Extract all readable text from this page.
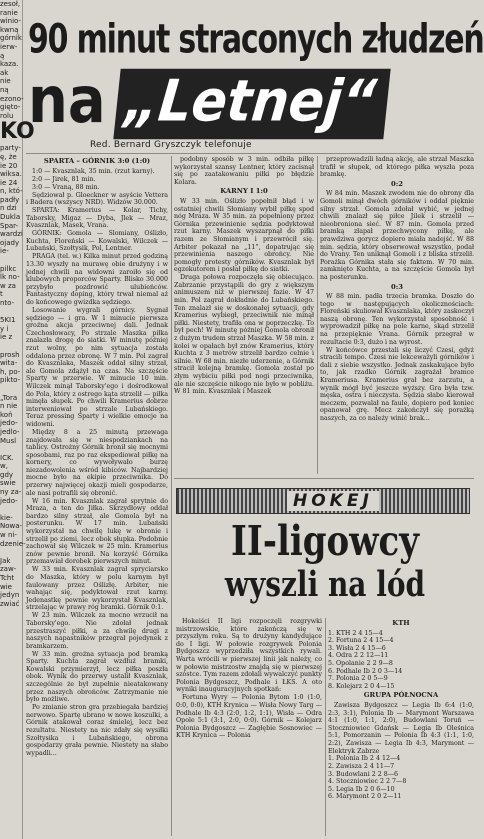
zesoł,
ranie
winio-
kwną
górnik
ierw-
ą
kaza.
ak
nie
ną
ezono-
gięto-
rolu
KO
party-
ę, że
ie 20
wiksa.
ie 24
n, któ-
padły
n dzi
Dukla
Spar-
wardzi
ojady
ie-

pilkc
lk no-
w za
t
nto-

5KI1
y i
ie z

prosh
wita-
h, po-
pikto-

„Tora
n nie
koń
jedo-
jedlo-
Musl

ICK.
w,
gdy
swie
ny za-
jedo-

kie-
Nowa-
w ni-
dzenie-

Jak
zaw-
Tcht
wie
jedyn
zwiać
90 minut straconych złudzeń
na „Letnej“
Red. Bernard Gryszczyk telefonuje

SPARTA – GÓRNIK 3:0 (1:0)

1:0 — Kvasznlak, 35 min. (rzut karny).

2:0 — Jirek, 81 min.

3:0 — Vraną, 88 min.

Sędziował p. Gloeckner w asyście Vettera i Badera (wszyscy NRD). Widzów 30.000.

SPARTA: Kramerius — Kolar, Tichy, Taborsky, Migaz — Dyba, Jlek — Mraz, Kvasznlak, Masek, Vrana.

GÓRNIK: Gomola — Slomiany, Oślizło, Kuchta, Floreński — Kowalski, Wilczek — Lubański, Szołtysik, Pol, Lentner.

PRAGA (tel. w.) Kilka minut przed godziną 13.30 wyszły na murawę obie drużyny i w jednej chwili na widowni zaroiło się od klubowych proporców Sparty. Blisko 30.000 przybyło pozdrowić ulubieńców. Fantastyczny doping, który trwał niemal aż do końcowego gwizdka sędziego.

Losowanie wygrali górnicy. Sygnał sędziego — i gra. W 1 minucie pierwsza groźna akcja przeciwnej dali. Jednak Czechosłowacy, Po strzale Maszka piłka znalazła drogę do siatki. W minutę później rzut wolny, po nim sytuacja została oddalona przez obronę. W 7 min. Pol zagrał do Kvasznlaka, Maszek oddał silny strzał, ale Gomola zdążył na czas. Na szczęście Sparty w przerwie. W minucie 10 min. Wilczek minął Taborsky'ego i dośrodkował do Polа, który z ostrego kąta strzelił — piłka minęła słupek. Po chwili Kramerius dobrze interweniował po strzale Lubańskiego. Teraz pressing Sparty i wielkie emocje na widowni.

Między 8 a 25 minutą przewaga znajdowała się w niespodziankach na tablicy. Ostrożny Górnik bronił się mocnymi sposobami, raz po raz ekspediował piłkę na kornery, co wywoływało burzę niezadowolenia wśród kibiców. Najbardziej mocne było na ekipie przeciwnika. Do przerwy najwięcej okazji mieli gospodarze, ale nasi potrafili się obronić.

W 16 min. Kvasznlak zagrał sprytnie do Mraza, a ten do Jiłka. Skrzydłowy oddał bardzo silny strzał, ale Gomola był na posterunku. W 17 min. Lubański wykorzystał na chwilę lukę w obronie i strzelił po ziemi, lecz obok słupka. Podobnie zachował się Wilczek w 25 min. Kramerius znów pewnie bronił. Na korzyść Górnika przemawiał dorobek pierwszych minut.

W 33 min. Kvasznlak zagrał spryciarsko do Maszka, który w polu karnym był faulowany przez Oślizłę. Arbiter, nie wahając się, podyktował rzut karny. Jedenastkę pewnie wykorzystał Kvasznlak, strzelając w prawy róg bramki. Górnik 0:1.

W 23 min. Wilczek za mocno wrzucił na Taborsky'ego. Nie zdołał jednak przestraszyć piłki, a za chwilę drugi z naszych napastników przegrał pojedynek z bramkarzem.

W 33 min. groźna sytuacja pod bramką Sparty. Kuchta zagrał wzdłuż bramki, Kowalski przymierzył, lecz piłka poszła obok. Wynik do przerwy ustalił Kvasznlak, szczególnie że był zupełnie nieatakowany przez naszych obrońców. Zatrzymanie nie było możliwe.

Po zmianie stron gra przebiegała bardziej nerwowo. Spartę ubrano w nowe koszulki, a Górnik atakował coraz śmielej, lecz bez rezultatu. Niestety na nic zdały się wysiłki Szołtysika i Lubańskiego, obrona gospodarzy grała pewnie. Niestety na słabo wypadli...

podobny sposób w 3 min. odbiła piłkę wykorzystał szansy Lentner, który zacisnął się po zaatakowaniu piłki po błędzie Kolara.

KARNY I 1:0

W 33 min. Oślizło popełnił błąd i w ostatniej chwili Słomiany wybił piłkę spod nóg Mraza. W 35 min. za popełniony przez Górnika przewinienie sędzia podyktował rzut karny. Maszek wyszarpnął do piłki razem ze Słomianym i przewrócił się. Arbiter pokazał na „11”, dopatrując się przewinienia naszego obrońcy. Nie pomogły protesty górników. Kvasznlak był egzekutorem i posłał piłkę do siatki.

Druga połowa rozpoczęła się obiecująco. Zabrzanie przystąpili do gry z większym animuszem niż w pierwszej fazie. W 47 min. Pol zagrał dokładnie do Lubańskiego. Ten znalazł się w doskonałej sytuacji, gdy Kramerius wybiegł, przeciwnik nie minął piłki. Niestety, trafiła ona w poprzeczkę. To był pech! W minutę później Gomola obronił z dużym trudem strzał Maszka. W 58 min. z kolei w opałach był znów Kramerius, który Kuchta z 3 metrów strzelił bardzo celnie i silnie. W 68 min. niezłe uderzenie, a Górnik stracił kolejną bramkę. Gomola został po złym wybiciu piłki pod nogi przeciwnika, ale nie szczęście nikogo nie było w pobliżu. W 81 min. Kvasznlak i Maszek

przeprowadzili ładną akcję, ale strzał Maszka trafił w słupek, od którego piłka wyszła poza bramkę.

0:2

W 84 min. Maszek zwodem nie do obrony dla Gomoli minął dwóch górników i oddał pięknie silny strzał. Gomola zdołał wybić, w jednej chwili znalazł się piłce Jilek i strzelił — nieobroniona sieć. W 87 min. Gomola przed bramką złapał przechwycony piłkę, ale prawdziwa gorycz dopiero miała nadejść. W 88 min. sędzia, który obserwował wszystko, podał do Vrany. Ten uniknął Gomoli i z bliska strzelił. Porażka Górnika stała się faktem. W 70 min. zamknięto Kuchta, a na szczęście Gomola był na posterunku.

0:3

W 88 min. padła trzecia bramka. Doszło do tego w następujących okolicznościach: Floreński skuliował Kvasznlaka, który zaskoczył naszą obronę. Ten wykorzystał sposobność i wyprowadził piłkę na pole karne, skąd strzelił na przepięknie Vrana. Górnik przegrał w rezultacie 0:3, dużo i na wyrost.

W końcówce przestali się liczyć Czesi, gdyż stracili tempo. Czesi nie lekceważyli górników i dali z siebie wszystko. Jednak zaskakujące było to, jak rzadko Górnik zagrażał bramce Krameriusa. Kramerius grał bez zarzutu, a wynik mógł być jeszcze wyższy. Gra była tzw. męska, ostra i nieczysta. Sędzia słabo kierował meczem, pozwalał na faule, dopiero pod koniec opanował grę. Mecz zakończył się porażką naszych, za co należy winić brak...

HOKEJ
II-ligowcy
wyszli na lód

Hokeiści II ligi rozpoczęli rozgrywki mistrzowskie, które zakończą się w przyszłym roku. Są to drużyny kandydujące do I ligi. W połowie rozgrywek Polonia Bydgoszcz wyprzedziła wszystkich rywali. Warta wrócili w pierwszej linii jak należy, co w połowie mistrzostw znajdą się w pierwszej szóstce. Tym razem zdołali wywalczyć punkty Polonia Bydgoszcz, Podhale i ŁKS. A oto wyniki inauguracyjnych spotkań:

Fortuna Wyry — Polonia Bytom 1:0 (1:0, 0:0, 0:0), KTH Krynica — Wisła Nowy Targ — Podhale Ib 4:3 (2:0, 1:2, 1:1), Wisła — Odra Opole 5:1 (3:1, 2:0, 0:0). Górnik — Kolejarz Polonia Bydgoszcz — Zagłębie Sosnowiec — KTH Krynica — Polonia

KTH

1. KTH 2 4 15—4
2. Fortuna 2 4 15—4
3. Wisła 2 4 15—6
4. Odra 2 2 12—11
5. Opolanie 2 2 9—8
6. Podhale Ib 2 0 3—14
7. Polonia 2 0 5—9
8. Kolejarz 2 0 4—15

GRUPA PÓŁNOCNA

Zawisza Bydgoszcz — Legia Ib 6:4 (1:0, 2:3, 3:1), Polonia Ib — Marymont Warszawa 4:1 (1:0, 1:1, 2:0), Budowlani Toruń — Stoczniowiec Gdańsk — Legia Ib Oleśnica 5:1, Pomorzanin — Polonia Ib 4:3 (1:1, 1:0, 2:2), Zawisza — Legia Ib 4:3, Marymont — Elektryk Zabrze

1. Polonia Ib 2 4 12—4
2. Zawisza 2 4 11—7
3. Budowlani 2 2 8—6
4. Stoczniowiec 2 2 7—8
5. Legia Ib 2 0 6—10
6. Marymont 2 0 2—11
